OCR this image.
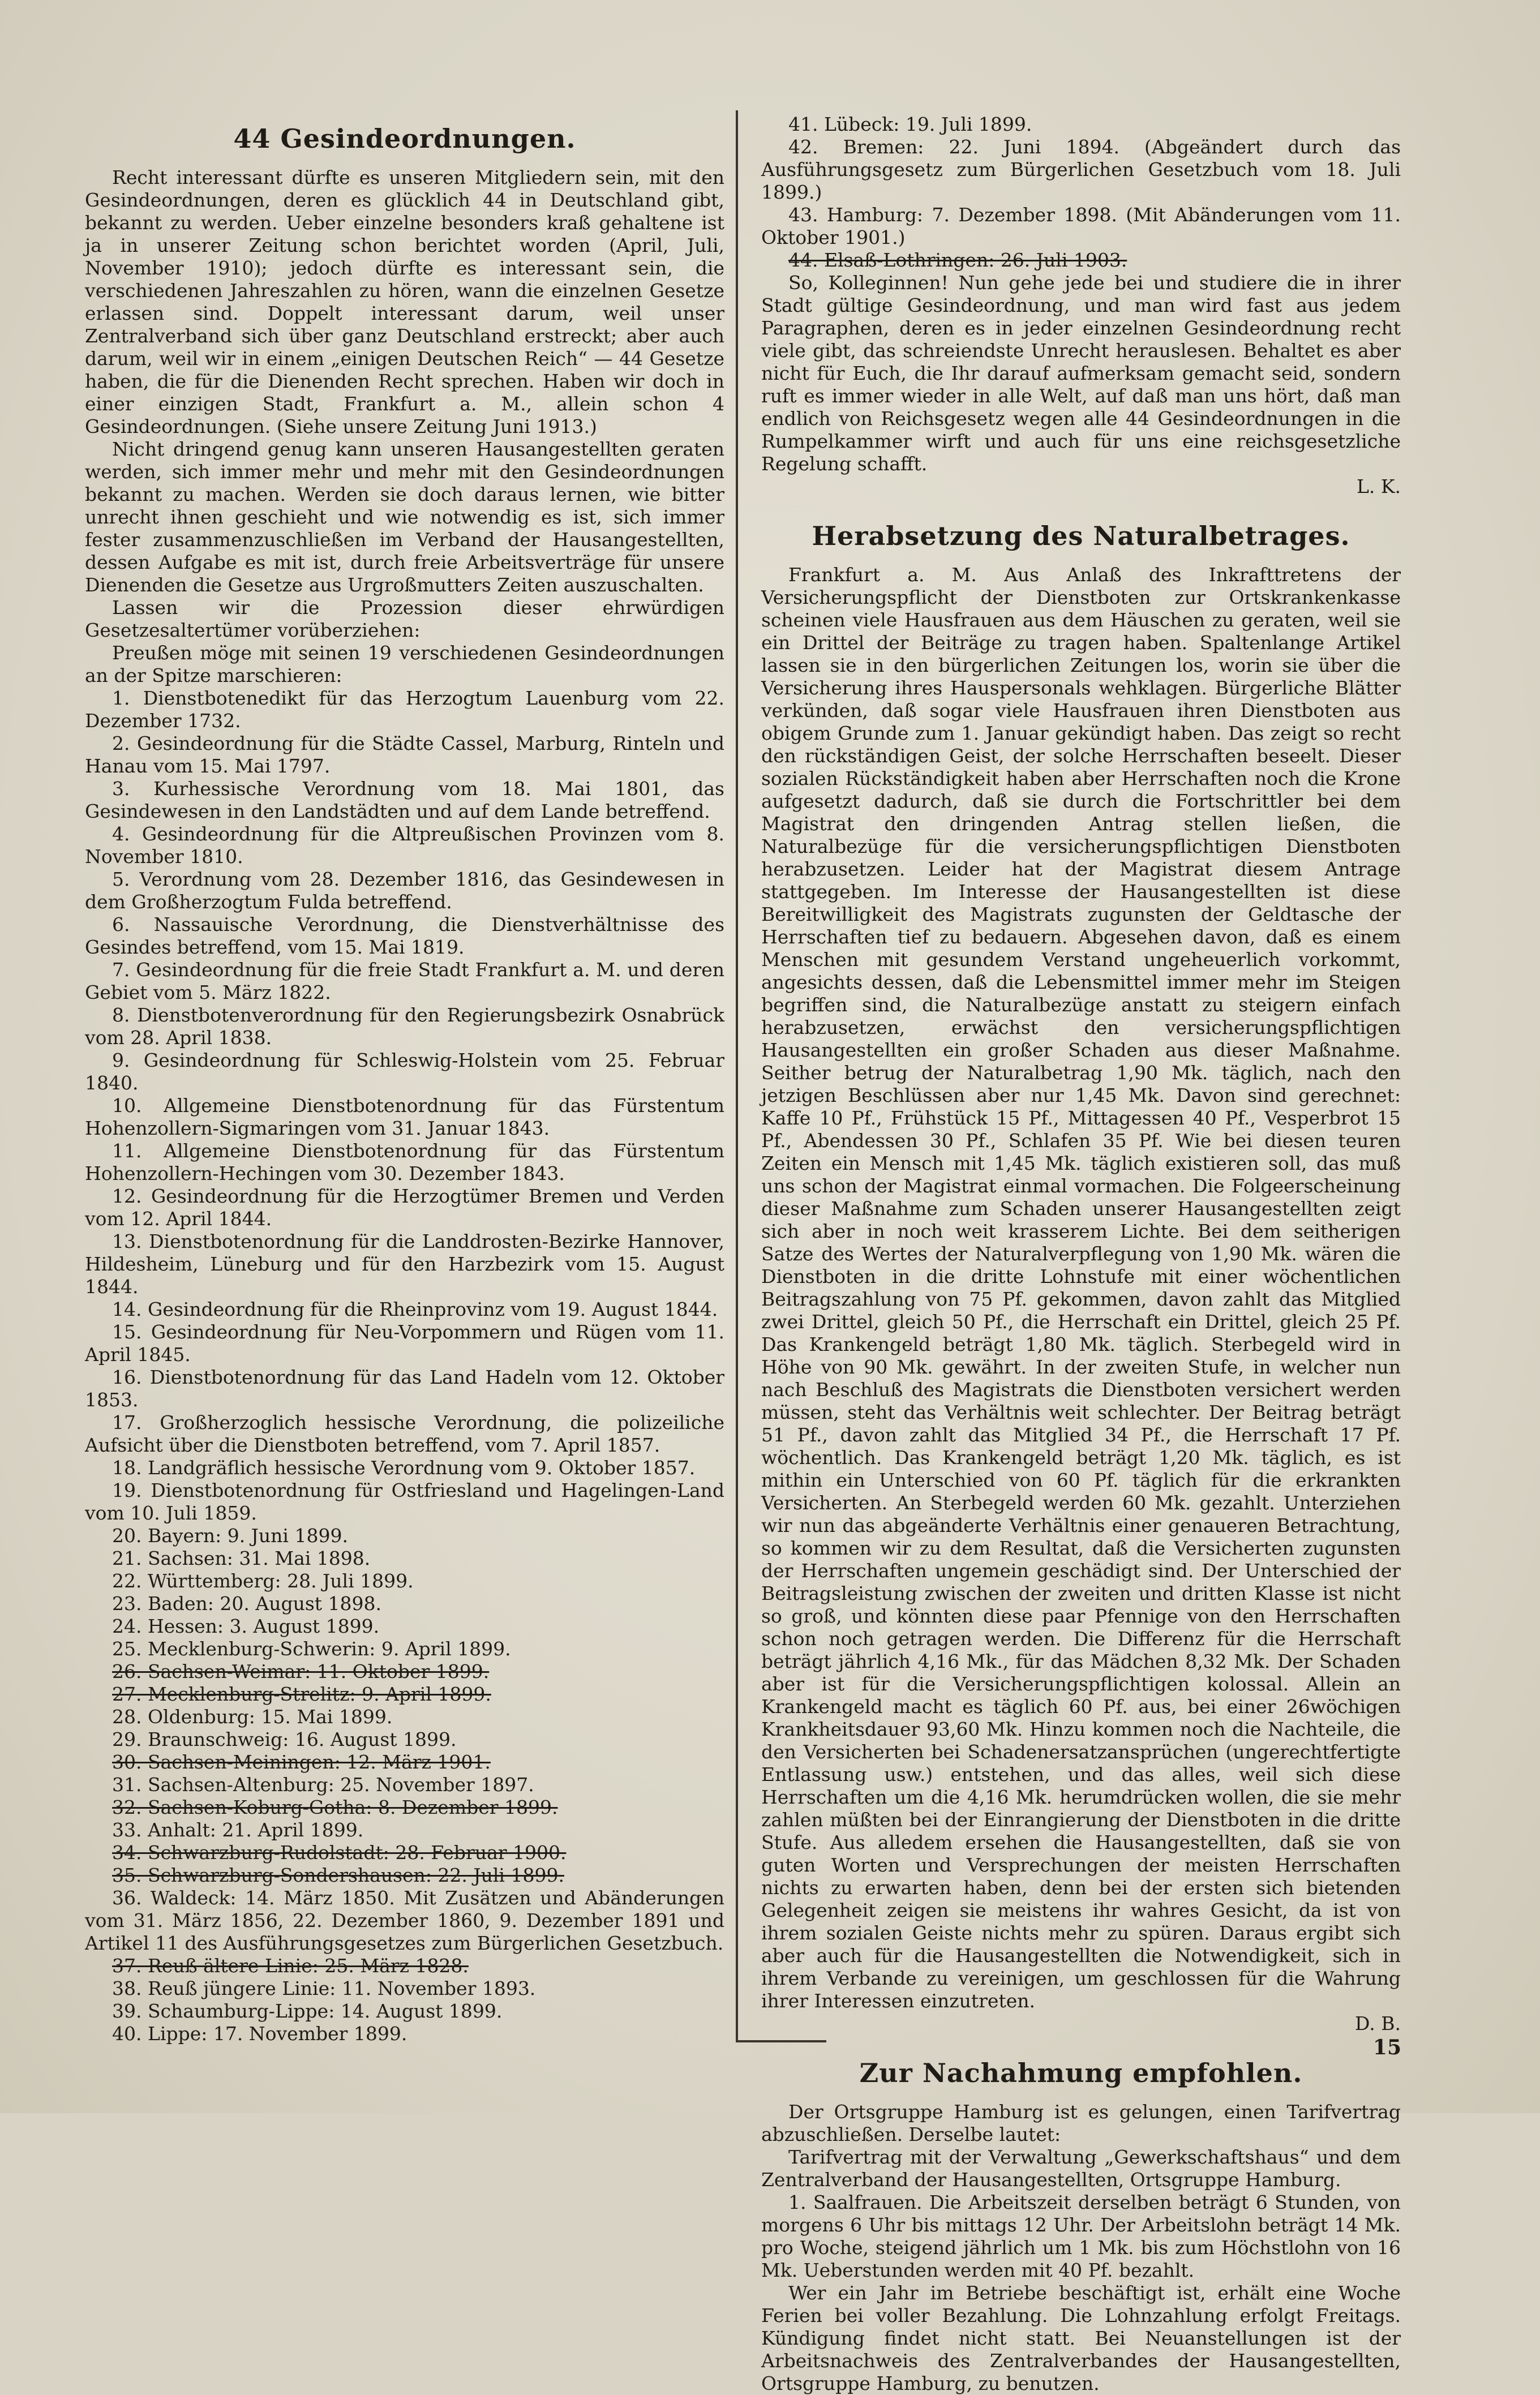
44 Gesindeordnungen.

Recht interessant dürfte es unseren Mitgliedern sein, mit den Gesindeordnungen, deren es glücklich 44 in Deutschland gibt, bekannt zu werden. Ueber einzelne besonders kraß gehaltene ist ja in unserer Zeitung schon berichtet worden (April, Juli, November 1910); jedoch dürfte es interessant sein, die verschiedenen Jahreszahlen zu hören, wann die einzelnen Gesetze erlassen sind. Doppelt interessant darum, weil unser Zentralverband sich über ganz Deutschland erstreckt; aber auch darum, weil wir in einem „einigen Deutschen Reich“ — 44 Gesetze haben, die für die Dienenden Recht sprechen. Haben wir doch in einer einzigen Stadt, Frankfurt a. M., allein schon 4 Gesindeordnungen. (Siehe unsere Zeitung Juni 1913.)

Nicht dringend genug kann unseren Hausangestellten geraten werden, sich immer mehr und mehr mit den Gesindeordnungen bekannt zu machen. Werden sie doch daraus lernen, wie bitter unrecht ihnen geschieht und wie notwendig es ist, sich immer fester zusammenzuschließen im Verband der Hausangestellten, dessen Aufgabe es mit ist, durch freie Arbeitsverträge für unsere Dienenden die Gesetze aus Urgroßmutters Zeiten auszuschalten.

Lassen wir die Prozession dieser ehrwürdigen Gesetzesaltertümer vorüberziehen:

Preußen möge mit seinen 19 verschiedenen Gesindeordnungen an der Spitze marschieren:

1. Dienstbotenedikt für das Herzogtum Lauenburg vom 22. Dezember 1732.
2. Gesindeordnung für die Städte Cassel, Marburg, Rinteln und Hanau vom 15. Mai 1797.
3. Kurhessische Verordnung vom 18. Mai 1801, das Gesindewesen in den Landstädten und auf dem Lande betreffend.
4. Gesindeordnung für die Altpreußischen Provinzen vom 8. November 1810.
5. Verordnung vom 28. Dezember 1816, das Gesindewesen in dem Großherzogtum Fulda betreffend.
6. Nassauische Verordnung, die Dienstverhältnisse des Gesindes betreffend, vom 15. Mai 1819.
7. Gesindeordnung für die freie Stadt Frankfurt a. M. und deren Gebiet vom 5. März 1822.
8. Dienstbotenverordnung für den Regierungsbezirk Osnabrück vom 28. April 1838.
9. Gesindeordnung für Schleswig-Holstein vom 25. Februar 1840.
10. Allgemeine Dienstbotenordnung für das Fürstentum Hohenzollern-Sigmaringen vom 31. Januar 1843.
11. Allgemeine Dienstbotenordnung für das Fürstentum Hohenzollern-Hechingen vom 30. Dezember 1843.
12. Gesindeordnung für die Herzogtümer Bremen und Verden vom 12. April 1844.
13. Dienstbotenordnung für die Landdrosten-Bezirke Hannover, Hildesheim, Lüneburg und für den Harzbezirk vom 15. August 1844.
14. Gesindeordnung für die Rheinprovinz vom 19. August 1844.
15. Gesindeordnung für Neu-Vorpommern und Rügen vom 11. April 1845.
16. Dienstbotenordnung für das Land Hadeln vom 12. Oktober 1853.
17. Großherzoglich hessische Verordnung, die polizeiliche Aufsicht über die Dienstboten betreffend, vom 7. April 1857.
18. Landgräflich hessische Verordnung vom 9. Oktober 1857.
19. Dienstbotenordnung für Ostfriesland und Hagelingen-Land vom 10. Juli 1859.
20. Bayern: 9. Juni 1899.
21. Sachsen: 31. Mai 1898.
22. Württemberg: 28. Juli 1899.
23. Baden: 20. August 1898.
24. Hessen: 3. August 1899.
25. Mecklenburg-Schwerin: 9. April 1899.
26. Sachsen-Weimar: 11. Oktober 1899.
27. Mecklenburg-Strelitz: 9. April 1899.
28. Oldenburg: 15. Mai 1899.
29. Braunschweig: 16. August 1899.
30. Sachsen-Meiningen: 12. März 1901.
31. Sachsen-Altenburg: 25. November 1897.
32. Sachsen-Koburg-Gotha: 8. Dezember 1899.
33. Anhalt: 21. April 1899.
34. Schwarzburg-Rudolstadt: 28. Februar 1900.
35. Schwarzburg-Sondershausen: 22. Juli 1899.
36. Waldeck: 14. März 1850. Mit Zusätzen und Abänderungen vom 31. März 1856, 22. Dezember 1860, 9. Dezember 1891 und Artikel 11 des Ausführungsgesetzes zum Bürgerlichen Gesetzbuch.
37. Reuß ältere Linie: 25. März 1828.
38. Reuß jüngere Linie: 11. November 1893.
39. Schaumburg-Lippe: 14. August 1899.
40. Lippe: 17. November 1899.
41. Lübeck: 19. Juli 1899.
42. Bremen: 22. Juni 1894. (Abgeändert durch das Ausführungsgesetz zum Bürgerlichen Gesetzbuch vom 18. Juli 1899.)
43. Hamburg: 7. Dezember 1898. (Mit Abänderungen vom 11. Oktober 1901.)
44. Elsaß-Lothringen: 26. Juli 1903.

So, Kolleginnen! Nun gehe jede bei und studiere die in ihrer Stadt gültige Gesindeordnung, und man wird fast aus jedem Paragraphen, deren es in jeder einzelnen Gesindeordnung recht viele gibt, das schreiendste Unrecht herauslesen. Behaltet es aber nicht für Euch, die Ihr darauf aufmerksam gemacht seid, sondern ruft es immer wieder in alle Welt, auf daß man uns hört, daß man endlich von Reichsgesetz wegen alle 44 Gesindeordnungen in die Rumpelkammer wirft und auch für uns eine reichsgesetzliche Regelung schafft.

L. K.
Herabsetzung des Naturalbetrages.

Frankfurt a. M. Aus Anlaß des Inkrafttretens der Versicherungspflicht der Dienstboten zur Ortskrankenkasse scheinen viele Hausfrauen aus dem Häuschen zu geraten, weil sie ein Drittel der Beiträge zu tragen haben. Spaltenlange Artikel lassen sie in den bürgerlichen Zeitungen los, worin sie über die Versicherung ihres Hauspersonals wehklagen. Bürgerliche Blätter verkünden, daß sogar viele Hausfrauen ihren Dienstboten aus obigem Grunde zum 1. Januar gekündigt haben. Das zeigt so recht den rückständigen Geist, der solche Herrschaften beseelt. Dieser sozialen Rückständigkeit haben aber Herrschaften noch die Krone aufgesetzt dadurch, daß sie durch die Fortschrittler bei dem Magistrat den dringenden Antrag stellen ließen, die Naturalbezüge für die versicherungspflichtigen Dienstboten herabzusetzen. Leider hat der Magistrat diesem Antrage stattgegeben. Im Interesse der Hausangestellten ist diese Bereitwilligkeit des Magistrats zugunsten der Geldtasche der Herrschaften tief zu bedauern. Abgesehen davon, daß es einem Menschen mit gesundem Verstand ungeheuerlich vorkommt, angesichts dessen, daß die Lebensmittel immer mehr im Steigen begriffen sind, die Naturalbezüge anstatt zu steigern einfach herabzusetzen, erwächst den versicherungspflichtigen Hausangestellten ein großer Schaden aus dieser Maßnahme. Seither betrug der Naturalbetrag 1,90 Mk. täglich, nach den jetzigen Beschlüssen aber nur 1,45 Mk. Davon sind gerechnet: Kaffe 10 Pf., Frühstück 15 Pf., Mittagessen 40 Pf., Vesperbrot 15 Pf., Abendessen 30 Pf., Schlafen 35 Pf. Wie bei diesen teuren Zeiten ein Mensch mit 1,45 Mk. täglich existieren soll, das muß uns schon der Magistrat einmal vormachen. Die Folgeerscheinung dieser Maßnahme zum Schaden unserer Hausangestellten zeigt sich aber in noch weit krasserem Lichte. Bei dem seitherigen Satze des Wertes der Naturalverpflegung von 1,90 Mk. wären die Dienstboten in die dritte Lohnstufe mit einer wöchentlichen Beitragszahlung von 75 Pf. gekommen, davon zahlt das Mitglied zwei Drittel, gleich 50 Pf., die Herrschaft ein Drittel, gleich 25 Pf. Das Krankengeld beträgt 1,80 Mk. täglich. Sterbegeld wird in Höhe von 90 Mk. gewährt. In der zweiten Stufe, in welcher nun nach Beschluß des Magistrats die Dienstboten versichert werden müssen, steht das Verhältnis weit schlechter. Der Beitrag beträgt 51 Pf., davon zahlt das Mitglied 34 Pf., die Herrschaft 17 Pf. wöchentlich. Das Krankengeld beträgt 1,20 Mk. täglich, es ist mithin ein Unterschied von 60 Pf. täglich für die erkrankten Versicherten. An Sterbegeld werden 60 Mk. gezahlt. Unterziehen wir nun das abgeänderte Verhältnis einer genaueren Betrachtung, so kommen wir zu dem Resultat, daß die Versicherten zugunsten der Herrschaften ungemein geschädigt sind. Der Unterschied der Beitragsleistung zwischen der zweiten und dritten Klasse ist nicht so groß, und könnten diese paar Pfennige von den Herrschaften schon noch getragen werden. Die Differenz für die Herrschaft beträgt jährlich 4,16 Mk., für das Mädchen 8,32 Mk. Der Schaden aber ist für die Versicherungspflichtigen kolossal. Allein an Krankengeld macht es täglich 60 Pf. aus, bei einer 26wöchigen Krankheitsdauer 93,60 Mk. Hinzu kommen noch die Nachteile, die den Versicherten bei Schadenersatzansprüchen (ungerechtfertigte Entlassung usw.) entstehen, und das alles, weil sich diese Herrschaften um die 4,16 Mk. herumdrücken wollen, die sie mehr zahlen müßten bei der Einrangierung der Dienstboten in die dritte Stufe. Aus alledem ersehen die Hausangestellten, daß sie von guten Worten und Versprechungen der meisten Herrschaften nichts zu erwarten haben, denn bei der ersten sich bietenden Gelegenheit zeigen sie meistens ihr wahres Gesicht, da ist von ihrem sozialen Geiste nichts mehr zu spüren. Daraus ergibt sich aber auch für die Hausangestellten die Notwendigkeit, sich in ihrem Verbande zu vereinigen, um geschlossen für die Wahrung ihrer Interessen einzutreten.

D. B.
Zur Nachahmung empfohlen.

Der Ortsgruppe Hamburg ist es gelungen, einen Tarifvertrag abzuschließen. Derselbe lautet:

Tarifvertrag mit der Verwaltung „Gewerkschaftshaus“ und dem Zentralverband der Hausangestellten, Ortsgruppe Hamburg.

1. Saalfrauen. Die Arbeitszeit derselben beträgt 6 Stunden, von morgens 6 Uhr bis mittags 12 Uhr. Der Arbeitslohn beträgt 14 Mk. pro Woche, steigend jährlich um 1 Mk. bis zum Höchstlohn von 16 Mk. Ueberstunden werden mit 40 Pf. bezahlt.

Wer ein Jahr im Betriebe beschäftigt ist, erhält eine Woche Ferien bei voller Bezahlung. Die Lohnzahlung erfolgt Freitags. Kündigung findet nicht statt. Bei Neuanstellungen ist der Arbeitsnachweis des Zentralverbandes der Hausangestellten, Ortsgruppe Hamburg, zu benutzen.

15
